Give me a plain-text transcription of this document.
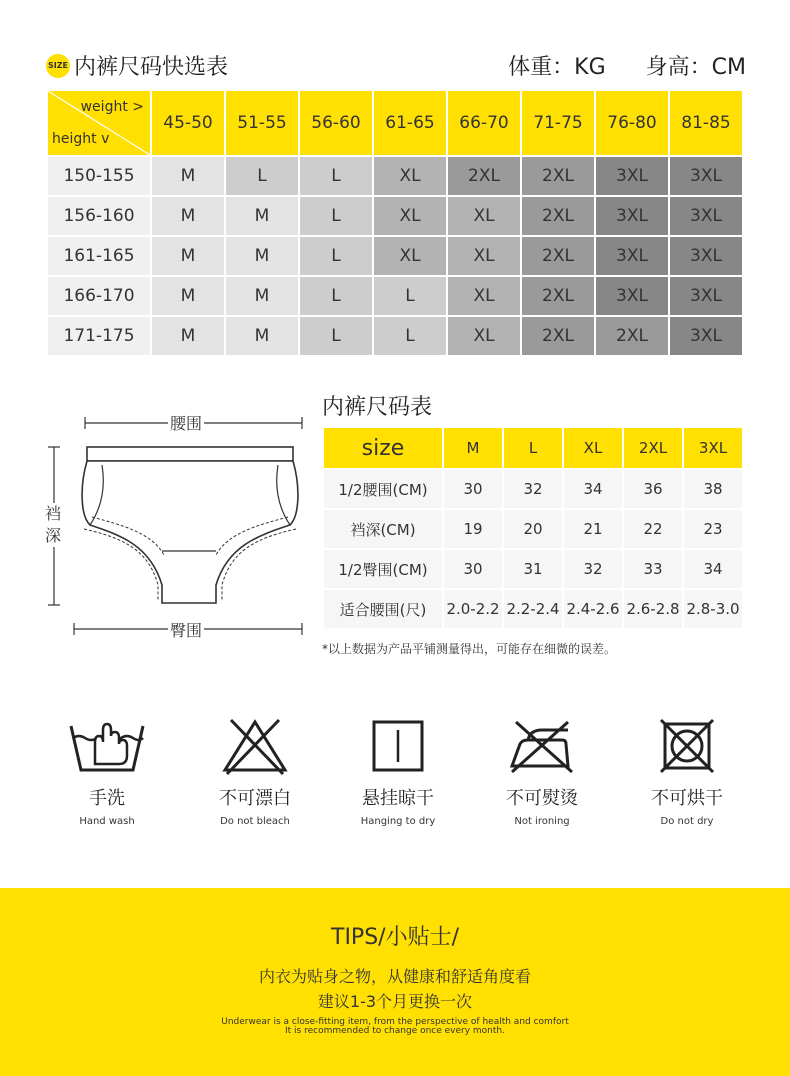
SIZE 内裤尺码快选表	体重：KG 身高：CM
weight >
height v	45-50	51-55	56-60	61-65	66-70	71-75	76-80	81-85
150-155	M	L	L	XL	2XL	2XL	3XL	3XL
156-160	M	M	L	XL	XL	2XL	3XL	3XL
161-165	M	M	L	XL	XL	2XL	3XL	3XL
166-170	M	M	L	L	XL	2XL	3XL	3XL
171-175	M	M	L	L	XL	2XL	2XL	3XL
腰围
裆深
臀围
内裤尺码表
size	M	L	XL	2XL	3XL
1/2腰围(CM)	30	32	34	36	38
裆深(CM)	19	20	21	22	23
1/2臀围(CM)	30	31	32	33	34
适合腰围(尺)	2.0-2.2	2.2-2.4	2.4-2.6	2.6-2.8	2.8-3.0
*以上数据为产品平铺测量得出，可能存在细微的误差。
手洗
Hand wash
不可漂白
Do not bleach
悬挂晾干
Hanging to dry
不可熨烫
Not ironing
不可烘干
Do not dry
TIPS/小贴士/
内衣为贴身之物，从健康和舒适角度看
建议1-3个月更换一次
Underwear is a close-fitting item, from the perspective of health and comfort
It is recommended to change once every month.
